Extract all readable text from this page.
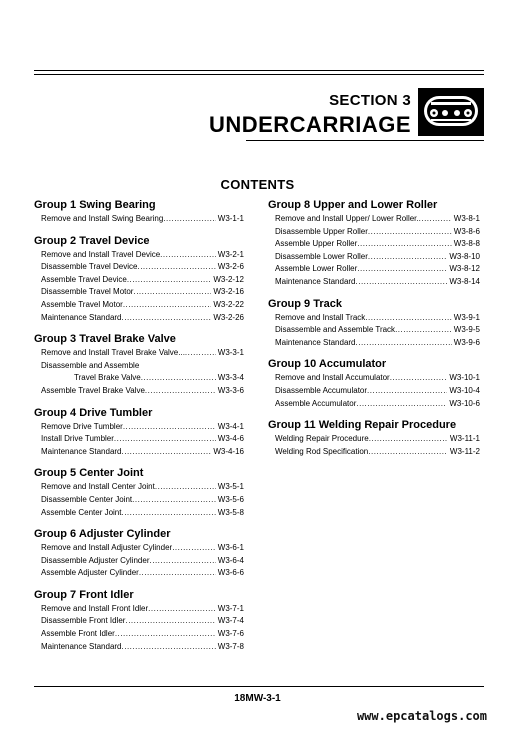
SECTION 3
UNDERCARRIAGE
CONTENTS
Group 1 Swing Bearing
Remove and Install Swing Bearing .....	W3-1-1
Group 2 Travel Device
Remove and Install Travel Device .....	W3-2-1
Disassemble Travel Device .....	W3-2-6
Assemble Travel Device .....	W3-2-12
Disassemble Travel Motor .....	W3-2-16
Assemble Travel Motor .....	W3-2-22
Maintenance Standard .....	W3-2-26
Group 3 Travel Brake Valve
Remove and Install Travel Brake Valve... .....	W3-3-1
Disassemble and Assemble
Travel Brake Valve .....	W3-3-4
Assemble Travel Brake Valve .....	W3-3-6
Group 4 Drive Tumbler
Remove Drive Tumbler .....	W3-4-1
Install Drive Tumbler .....	W3-4-6
Maintenance Standard .....	W3-4-16
Group 5 Center Joint
Remove and Install Center Joint .....	W3-5-1
Disassemble Center Joint .....	W3-5-6
Assemble Center Joint .....	W3-5-8
Group 6 Adjuster Cylinder
Remove and Install Adjuster Cylinder .....	W3-6-1
Disassemble Adjuster Cylinder .....	W3-6-4
Assemble Adjuster Cylinder .....	W3-6-6
Group 7 Front Idler
Remove and Install Front Idler .....	W3-7-1
Disassemble Front Idler .....	W3-7-4
Assemble Front Idler .....	W3-7-6
Maintenance Standard .....	W3-7-8
Group 8 Upper and Lower Roller
Remove and Install Upper/ Lower Roller. .....	W3-8-1
Disassemble Upper Roller .....	W3-8-6
Assemble Upper Roller .....	W3-8-8
Disassemble Lower Roller .....	W3-8-10
Assemble Lower Roller .....	W3-8-12
Maintenance Standard .....	W3-8-14
Group 9 Track
Remove and Install Track .....	W3-9-1
Disassemble and Assemble Track .....	W3-9-5
Maintenance Standard .....	W3-9-6
Group 10 Accumulator
Remove and Install Accumulator .....	W3-10-1
Disassemble Accumulator .....	W3-10-4
Assemble Accumulator .....	W3-10-6
Group 11 Welding Repair Procedure
Welding Repair Procedure .....	W3-11-1
Welding Rod Specification .....	W3-11-2
18MW-3-1
www.epcatalogs.com
